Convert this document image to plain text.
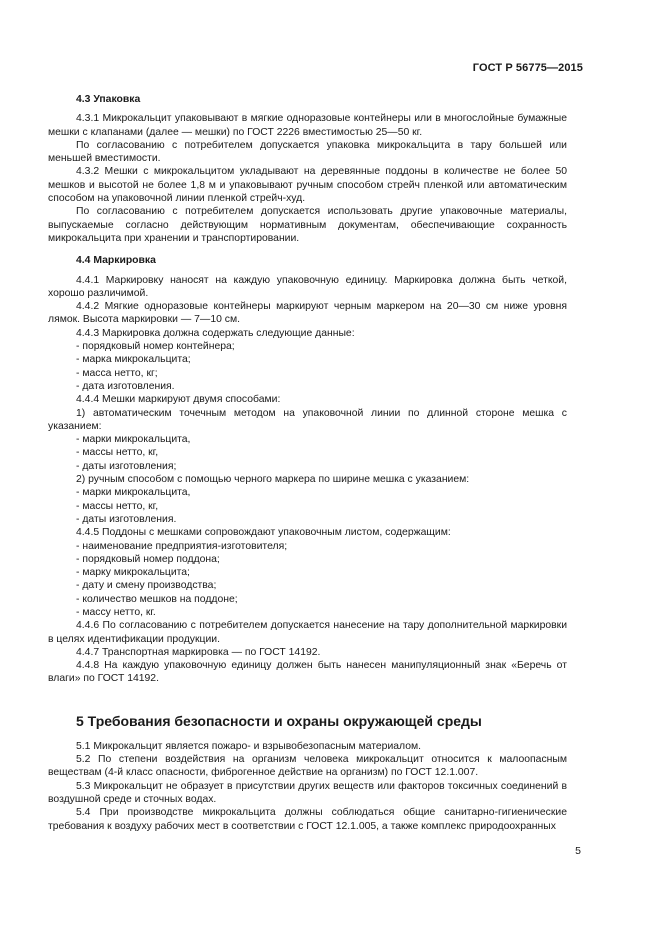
ГОСТ Р 56775—2015

4.3 Упаковка

4.3.1 Микрокальцит упаковывают в мягкие одноразовые контейнеры или в многослойные бумажные мешки с клапанами (далее — мешки) по ГОСТ 2226 вместимостью 25—50 кг.

По согласованию с потребителем допускается упаковка микрокальцита в тару большей или меньшей вместимости.

4.3.2 Мешки с микрокальцитом укладывают на деревянные поддоны в количестве не более 50 мешков и высотой не более 1,8 м и упаковывают ручным способом стрейч пленкой или автоматическим способом на упаковочной линии пленкой стрейч-худ.

По согласованию с потребителем допускается использовать другие упаковочные материалы, выпускаемые согласно действующим нормативным документам, обеспечивающие сохранность микрокальцита при хранении и транспортировании.

4.4 Маркировка

4.4.1 Маркировку наносят на каждую упаковочную единицу. Маркировка должна быть четкой, хорошо различимой.

4.4.2 Мягкие одноразовые контейнеры маркируют черным маркером на 20—30 см ниже уровня лямок. Высота маркировки — 7—10 см.

4.4.3 Маркировка должна содержать следующие данные:

- порядковый номер контейнера;

- марка микрокальцита;

- масса нетто, кг;

- дата изготовления.

4.4.4 Мешки маркируют двумя способами:

1) автоматическим точечным методом на упаковочной линии по длинной стороне мешка с указанием:

- марки микрокальцита,

- массы нетто, кг,

- даты изготовления;

2) ручным способом с помощью черного маркера по ширине мешка с указанием:

- марки микрокальцита,

- массы нетто, кг,

- даты изготовления.

4.4.5 Поддоны с мешками сопровождают упаковочным листом, содержащим:

- наименование предприятия-изготовителя;

- порядковый номер поддона;

- марку микрокальцита;

- дату и смену производства;

- количество мешков на поддоне;

- массу нетто, кг.

4.4.6 По согласованию с потребителем допускается нанесение на тару дополнительной маркировки в целях идентификации продукции.

4.4.7 Транспортная маркировка — по ГОСТ 14192.

4.4.8 На каждую упаковочную единицу должен быть нанесен манипуляционный знак «Беречь от влаги» по ГОСТ 14192.

5 Требования безопасности и охраны окружающей среды

5.1 Микрокальцит является пожаро- и взрывобезопасным материалом.

5.2 По степени воздействия на организм человека микрокальцит относится к малоопасным веществам (4-й класс опасности, фиброгенное действие на организм) по ГОСТ 12.1.007.

5.3 Микрокальцит не образует в присутствии других веществ или факторов токсичных соединений в воздушной среде и сточных водах.

5.4 При производстве микрокальцита должны соблюдаться общие санитарно-гигиенические требования к воздуху рабочих мест в соответствии с ГОСТ 12.1.005, а также комплекс природоохранных

5
